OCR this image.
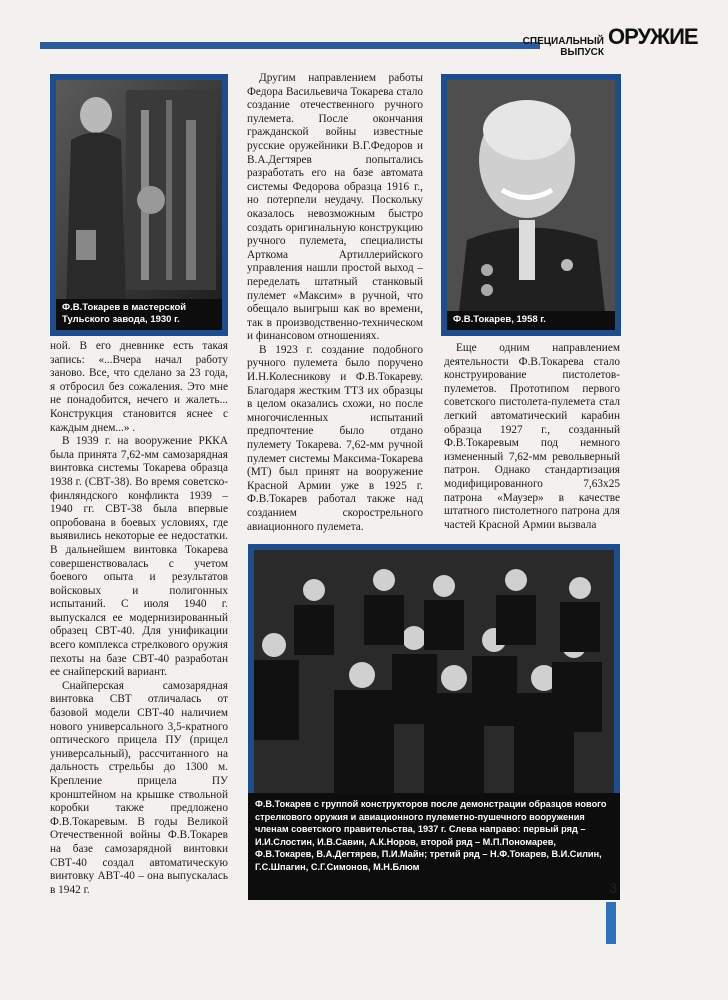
СПЕЦИАЛЬНЫЙ
ВЫПУСК
ОРУЖИЕ
Ф.В.Токарев в мастерской Тульского завода, 1930 г.	Ф.В.Токарев, 1958 г.

ной. В его дневнике есть такая запись: «...Вчера начал работу заново. Все, что сделано за 23 года, я отбросил без сожаления. Это мне не понадобится, нечего и жалеть... Конструкция становится яснее с каждым днем...» .

В 1939 г. на вооружение РККА была принята 7,62-мм самозарядная винтовка системы Токарева образца 1938 г. (СВТ-38). Во время советско-финляндского конфликта 1939 – 1940 гг. СВТ-38 была впервые опробована в боевых условиях, где выявились некоторые ее недостатки. В дальнейшем винтовка Токарева совершенствовалась с учетом боевого опыта и результатов войсковых и полигонных испытаний. С июля 1940 г. выпускался ее модернизированный образец СВТ-40. Для унификации всего комплекса стрелкового оружия пехоты на базе СВТ-40 разработан ее снайперский вариант.

Снайперская самозарядная винтовка СВТ отличалась от базовой модели СВТ-40 наличием нового универсального 3,5-кратного оптического прицела ПУ (прицел универсальный), рассчитанного на дальность стрельбы до 1300 м. Крепление прицела ПУ кронштейном на крышке ствольной коробки также предложено Ф.В.Токаревым. В годы Великой Отечественной войны Ф.В.Токарев на базе самозарядной винтовки СВТ-40 создал автоматическую винтовку АВТ-40 – она выпускалась в 1942 г.

Другим направлением работы Федора Васильевича Токарева стало создание отечественного ручного пулемета. После окончания гражданской войны известные русские оружейники В.Г.Федоров и В.А.Дегтярев попытались разработать его на базе автомата системы Федорова образца 1916 г., но потерпели неудачу. Поскольку оказалось невозможным быстро создать оригинальную конструкцию ручного пулемета, специалисты Арткома Артиллерийского управления нашли простой выход – переделать штатный станковый пулемет «Максим» в ручной, что обещало выигрыш как во времени, так в производственно-техническом и финансовом отношениях.

В 1923 г. создание подобного ручного пулемета было поручено И.Н.Колесникову и Ф.В.Токареву. Благодаря жестким ТТЗ их образцы в целом оказались схожи, но после многочисленных испытаний предпочтение было отдано пулемету Токарева. 7,62-мм ручной пулемет системы Максима-Токарева (МТ) был принят на вооружение Красной Армии уже в 1925 г. Ф.В.Токарев работал также над созданием скорострельного авиационного пулемета.

Еще одним направлением деятельности Ф.В.Токарева стало конструирование пистолетов-пулеметов. Прототипом первого советского пистолета-пулемета стал легкий автоматический карабин образца 1927 г., созданный Ф.В.Токаревым под немного измененный 7,62-мм револьверный патрон. Однако стандартизация модифицированного 7,63х25 патрона «Маузер» в качестве штатного пистолетного патрона для частей Красной Армии вызвала

Ф.В.Токарев с группой конструкторов после демонстрации образцов нового стрелкового оружия и авиационного пулеметно-пушечного вооружения членам советского правительства, 1937 г. Слева направо: первый ряд – И.И.Слостин, И.В.Савин, А.К.Норов, второй ряд – М.П.Пономарев, Ф.В.Токарев, В.А.Дегтярев, П.И.Майн; третий ряд – Н.Ф.Токарев, В.И.Силин, Г.С.Шпагин, С.Г.Симонов, М.Н.Блюм
3
